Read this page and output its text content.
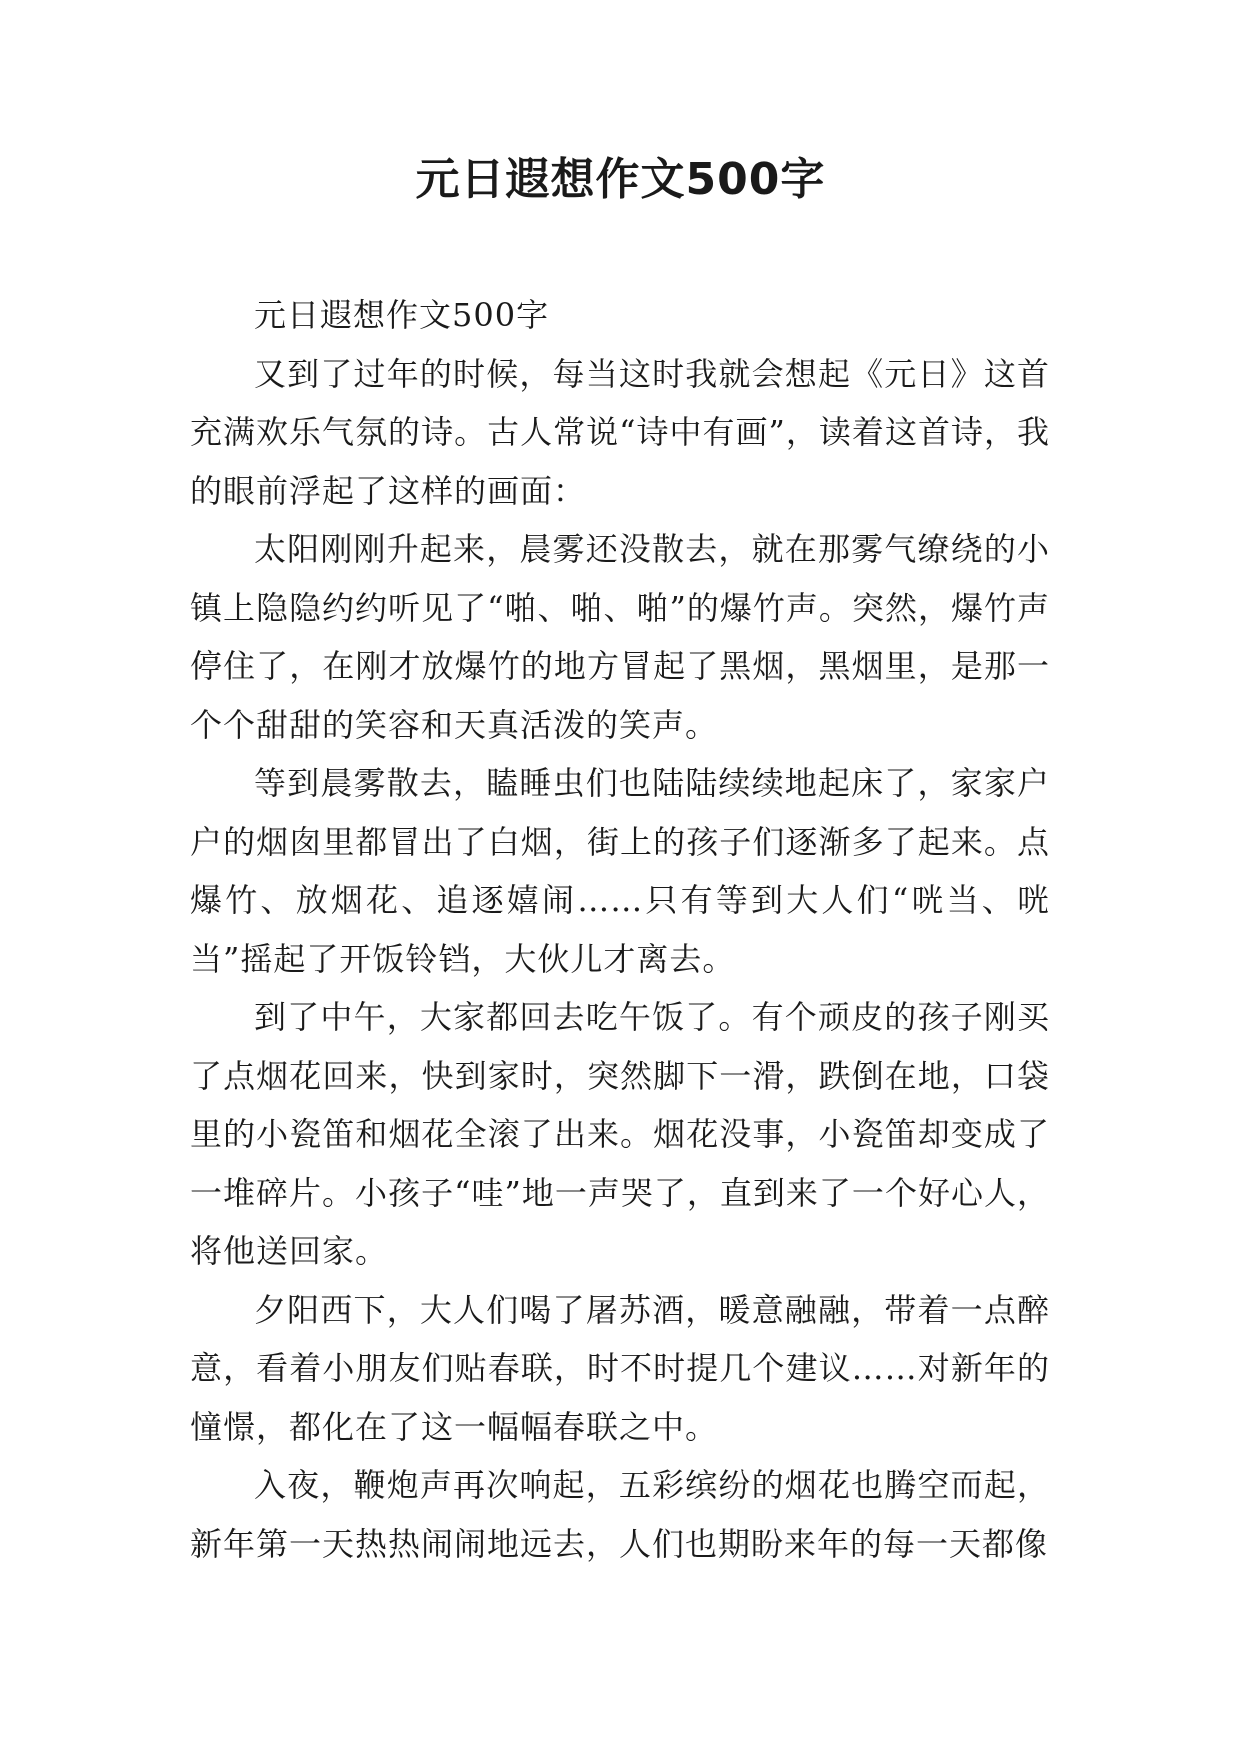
元日遐想作文500字

元日遐想作文500字

又到了过年的时候，每当这时我就会想起《元日》这首充满欢乐气氛的诗。古人常说“诗中有画”，读着这首诗，我的眼前浮起了这样的画面：

太阳刚刚升起来，晨雾还没散去，就在那雾气缭绕的小镇上隐隐约约听见了“啪、啪、啪”的爆竹声。突然，爆竹声停住了，在刚才放爆竹的地方冒起了黑烟，黑烟里，是那一个个甜甜的笑容和天真活泼的笑声。

等到晨雾散去，瞌睡虫们也陆陆续续地起床了，家家户户的烟囱里都冒出了白烟，街上的孩子们逐渐多了起来。点爆竹、放烟花、追逐嬉闹……只有等到大人们“咣当、咣当”摇起了开饭铃铛，大伙儿才离去。

到了中午，大家都回去吃午饭了。有个顽皮的孩子刚买了点烟花回来，快到家时，突然脚下一滑，跌倒在地，口袋里的小瓷笛和烟花全滚了出来。烟花没事，小瓷笛却变成了一堆碎片。小孩子“哇”地一声哭了，直到来了一个好心人，将他送回家。

夕阳西下，大人们喝了屠苏酒，暖意融融，带着一点醉意，看着小朋友们贴春联，时不时提几个建议……对新年的憧憬，都化在了这一幅幅春联之中。

入夜，鞭炮声再次响起，五彩缤纷的烟花也腾空而起，新年第一天热热闹闹地远去，人们也期盼来年的每一天都像
